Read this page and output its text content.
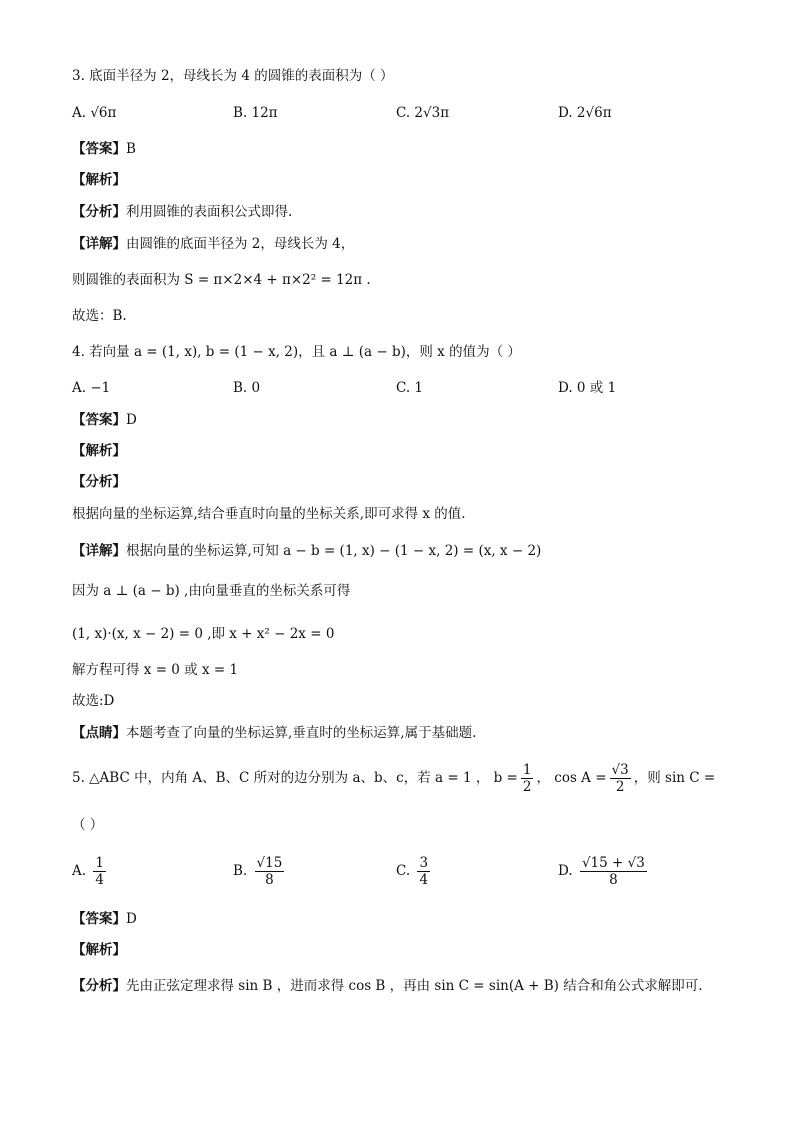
3. 底面半径为 2，母线长为 4 的圆锥的表面积为（ ）
A. √6π	B. 12π	C. 2√3π	D. 2√6π
【答案】B
【解析】
【分析】利用圆锥的表面积公式即得.
【详解】由圆锥的底面半径为 2，母线长为 4，
则圆锥的表面积为 S = π×2×4 + π×2² = 12π .
故选：B.
4. 若向量 a = (1, x), b = (1 − x, 2)，且 a ⊥ (a − b)，则 x 的值为（ ）
A. −1	B. 0	C. 1	D. 0 或 1
【答案】D
【解析】
【分析】
根据向量的坐标运算,结合垂直时向量的坐标关系,即可求得 x 的值.
【详解】根据向量的坐标运算,可知 a − b = (1, x) − (1 − x, 2) = (x, x − 2)
因为 a ⊥ (a − b) ,由向量垂直的坐标关系可得
(1, x)·(x, x − 2) = 0 ,即 x + x² − 2x = 0
解方程可得 x = 0 或 x = 1
故选:D
【点睛】本题考查了向量的坐标运算,垂直时的坐标运算,属于基础题.
5. △ABC 中，内角 A、B、C 所对的边分别为 a、b、c，若 a = 1 ， $b = \frac{1}{2}$ ， $\cos A = \frac{√3}{2}$ ，则 sin C =
（ ）
A. $\frac{1}{4}$	B. $\frac{√15}{8}$	C. $\frac{3}{4}$	D. $\frac{√15 + √3}{8}$
【答案】D
【解析】
【分析】先由正弦定理求得 sin B ，进而求得 cos B ，再由 sin C = sin(A + B) 结合和角公式求解即可.
